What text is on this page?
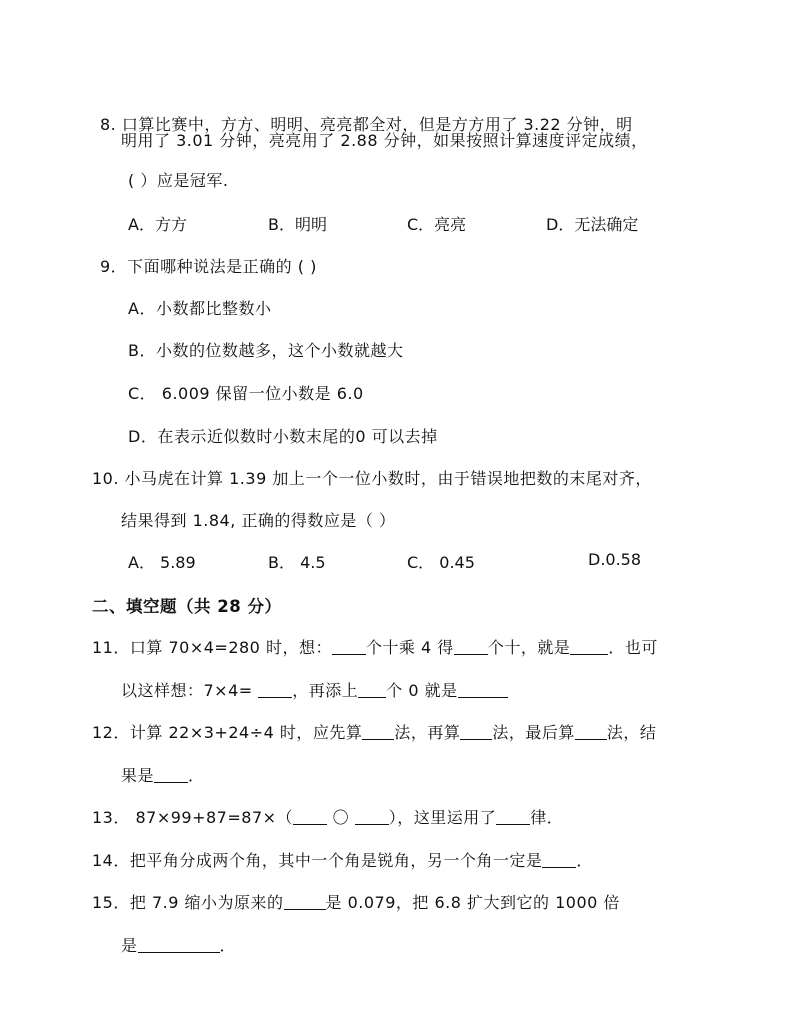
8. 口算比赛中，方方、明明、亮亮都全对，但是方方用了 3.22 分钟，明
明用了 3.01 分钟，亮亮用了 2.88 分钟，如果按照计算速度评定成绩，
( ）应是冠军.
A．方方	B．明明	C．亮亮	D．无法确定
9．下面哪种说法是正确的 ( )
A．小数都比整数小
B．小数的位数越多，这个小数就越大
C． 6.009 保留一位小数是 6.0
D．在表示近似数时小数末尾的0 可以去掉
10. 小马虎在计算 1.39 加上一个一位小数时，由于错误地把数的末尾对齐，
结果得到 1.84, 正确的得数应是（ ）
A． 5.89	B． 4.5	C． 0.45	D.0.58
二、填空题（共 28 分）
11．口算 70×4=280 时，想： 个十乘 4 得 个十，就是 ．也可
以这样想：7×4= ，再添上 个 0 就是
12．计算 22×3+24÷4 时，应先算 法，再算 法，最后算 法，结
果是 ．
13． 87×99+87=87×（ 〇 ），这里运用了 律．
14．把平角分成两个角，其中一个角是锐角，另一个角一定是 ．
15．把 7.9 缩小为原来的	是 0.079，把 6.8 扩大到它的 1000 倍
是	．
